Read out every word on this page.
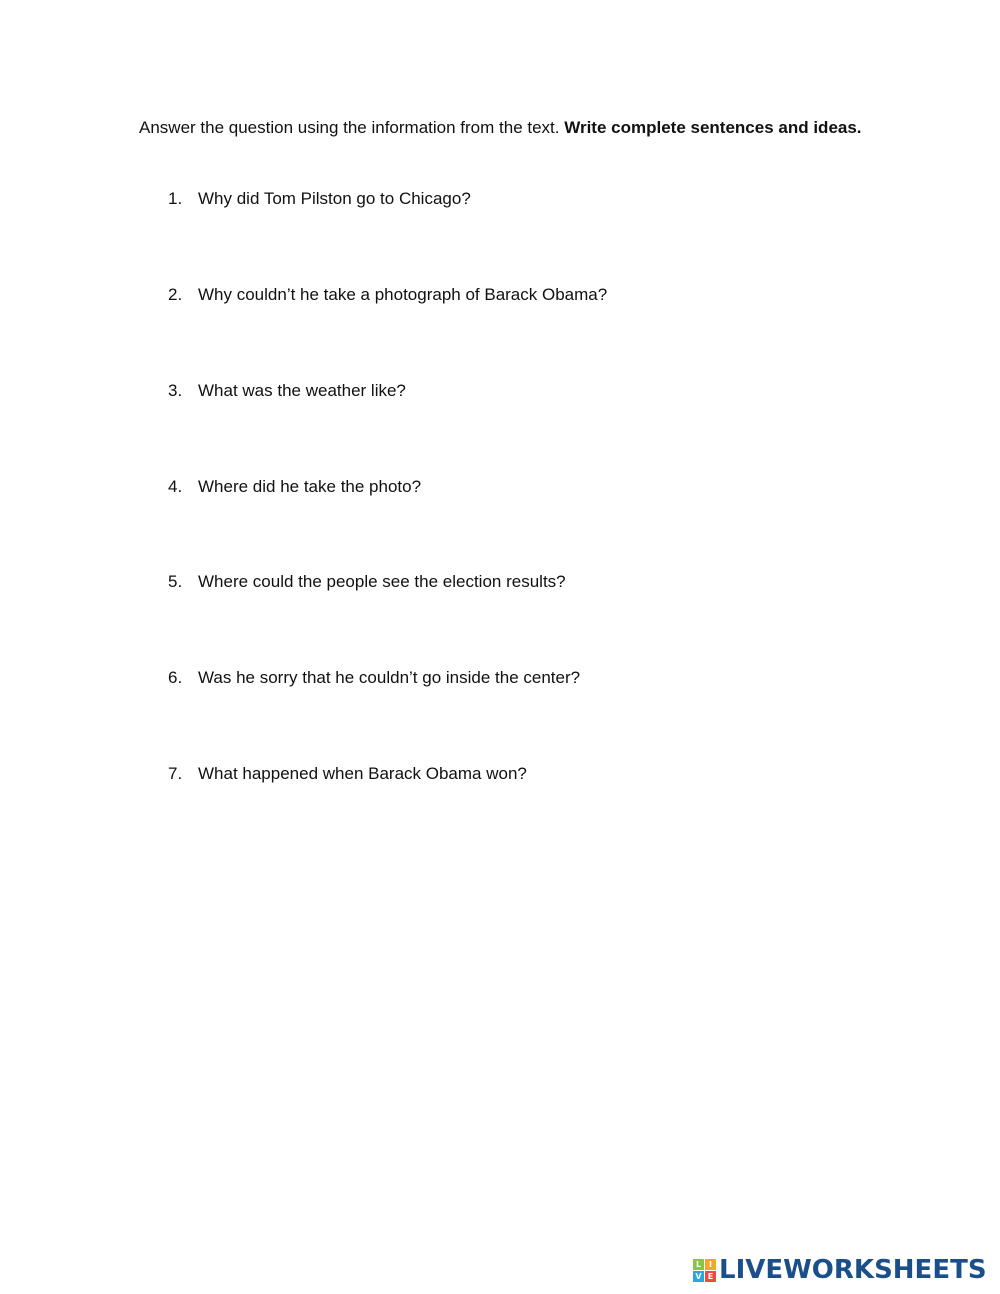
Answer the question using the information from the text. Write complete sentences and ideas.

1. Why did Tom Pilston go to Chicago?
2. Why couldn’t he take a photograph of Barack Obama?
3. What was the weather like?
4. Where did he take the photo?
5. Where could the people see the election results?
6. Was he sorry that he couldn’t go inside the center?
7. What happened when Barack Obama won?
L I
V E LIVEWORKSHEETS
